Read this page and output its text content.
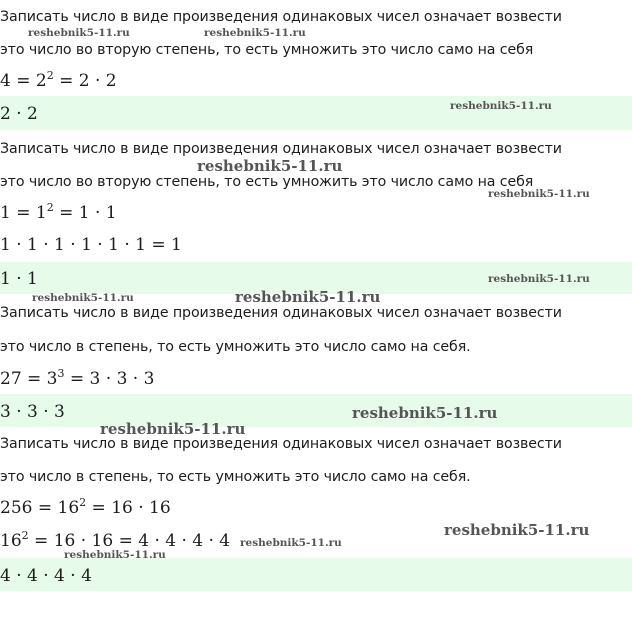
Записать число в виде произведения одинаковых чисел означает возвести
это число во вторую степень, то есть умножить это число само на себя
$4 = 2^2 = 2 \cdot 2$
2 · 2
Записать число в виде произведения одинаковых чисел означает возвести
это число во вторую степень, то есть умножить это число само на себя
$1 = 1^2 = 1 \cdot 1$
1 · 1 · 1 · 1 · 1 · 1 = 1
1 · 1
Записать число в виде произведения одинаковых чисел означает возвести
это число в степень, то есть умножить это число само на себя.
$27 = 3^3 = 3 \cdot 3 \cdot 3$
3 · 3 · 3
Записать число в виде произведения одинаковых чисел означает возвести
это число в степень, то есть умножить это число само на себя.
$256 = 16^2 = 16 \cdot 16$
$16^2 = 16 \cdot 16 = 4 \cdot 4 \cdot 4 \cdot 4$
4 · 4 · 4 · 4
reshebnik5-11.ru	reshebnik5-11.ru
reshebnik5-11.ru
reshebnik5-11.ru
reshebnik5-11.ru
reshebnik5-11.ru
reshebnik5-11.ru	reshebnik5-11.ru
reshebnik5-11.ru
reshebnik5-11.ru
reshebnik5-11.ru
reshebnik5-11.ru
reshebnik5-11.ru
